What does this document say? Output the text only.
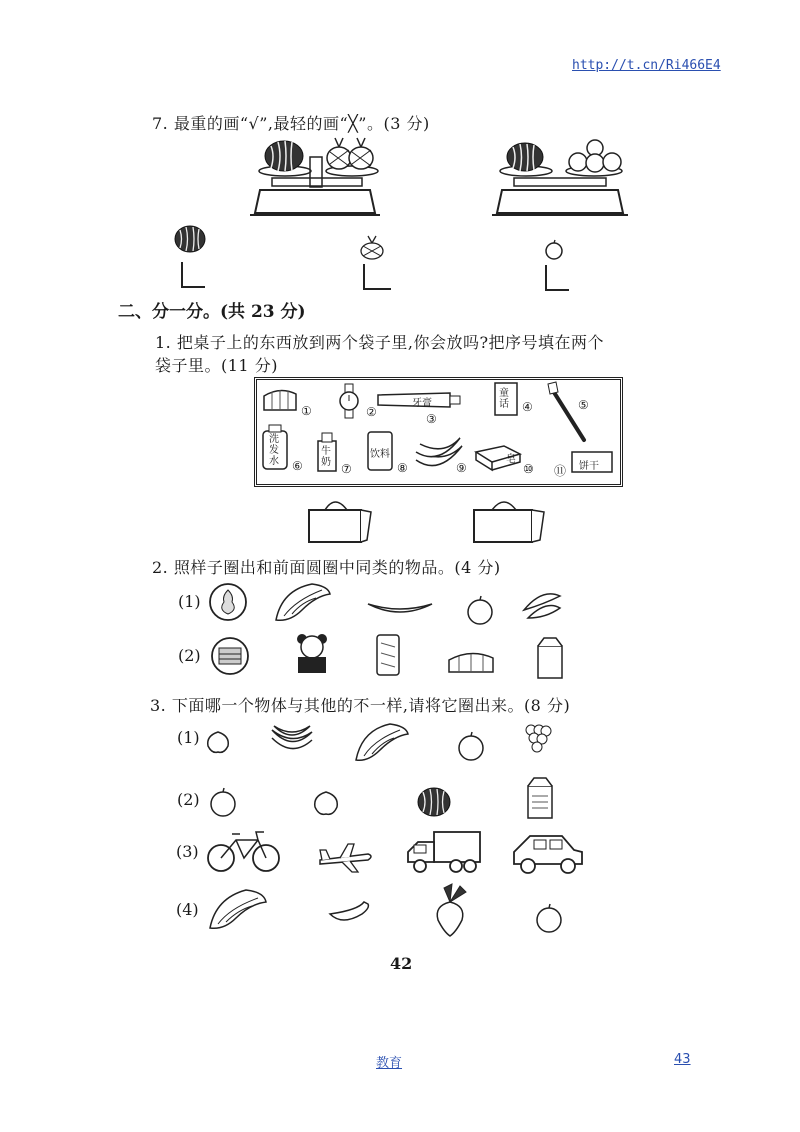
http://t.cn/Ri466E4
7. 最重的画“√”,最轻的画“╳”。(3 分)
二、分一分。(共 23 分)
1. 把桌子上的东西放到两个袋子里,你会放吗?把序号填在两个
袋子里。(11 分)
①	②
牙膏
③
童
话 ④	⑤
洗
发
水 ⑥
牛
奶 ⑦
饮料
⑧	⑨
皂
⑩ ⑪ 饼干
2. 照样子圈出和前面圆圈中同类的物品。(4 分)
(1)
(2)
3. 下面哪一个物体与其他的不一样,请将它圈出来。(8 分)
(1)
(2)
(3)
(4)
42
教育	43
